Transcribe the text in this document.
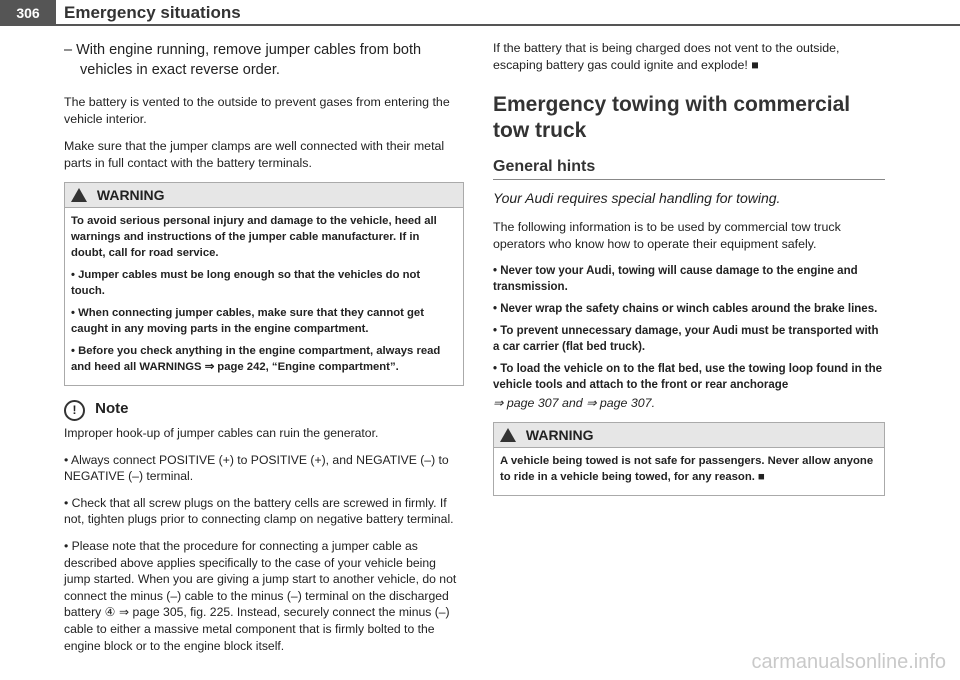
306	Emergency situations

– With engine running, remove jumper cables from both vehicles in exact reverse order.

The battery is vented to the outside to prevent gases from entering the vehicle interior.

Make sure that the jumper clamps are well connected with their metal parts in full contact with the battery terminals.

WARNING

To avoid serious personal injury and damage to the vehicle, heed all warnings and instructions of the jumper cable manufacturer. If in doubt, call for road service.

• Jumper cables must be long enough so that the vehicles do not touch.

• When connecting jumper cables, make sure that they cannot get caught in any moving parts in the engine compartment.

• Before you check anything in the engine compartment, always read and heed all WARNINGS ⇒ page 242, “Engine compartment”.

! Note

Improper hook-up of jumper cables can ruin the generator.

• Always connect POSITIVE (+) to POSITIVE (+), and NEGATIVE (–) to NEGATIVE (–) terminal.

• Check that all screw plugs on the battery cells are screwed in firmly. If not, tighten plugs prior to connecting clamp on negative battery terminal.

• Please note that the procedure for connecting a jumper cable as described above applies specifically to the case of your vehicle being jump started. When you are giving a jump start to another vehicle, do not connect the minus (–) cable to the minus (–) terminal on the discharged battery ④ ⇒ page 305, fig. 225. Instead, securely connect the minus (–) cable to either a massive metal component that is firmly bolted to the engine block or to the engine block itself.

If the battery that is being charged does not vent to the outside, escaping battery gas could ignite and explode! ■

Emergency towing with commercial tow truck
General hints

Your Audi requires special handling for towing.

The following information is to be used by commercial tow truck operators who know how to operate their equipment safely.

• Never tow your Audi, towing will cause damage to the engine and transmission.

• Never wrap the safety chains or winch cables around the brake lines.

• To prevent unnecessary damage, your Audi must be transported with a car carrier (flat bed truck).

• To load the vehicle on to the flat bed, use the towing loop found in the vehicle tools and attach to the front or rear anchorage

⇒ page 307 and ⇒ page 307.

WARNING

A vehicle being towed is not safe for passengers. Never allow anyone to ride in a vehicle being towed, for any reason. ■

carmanualsonline.info
